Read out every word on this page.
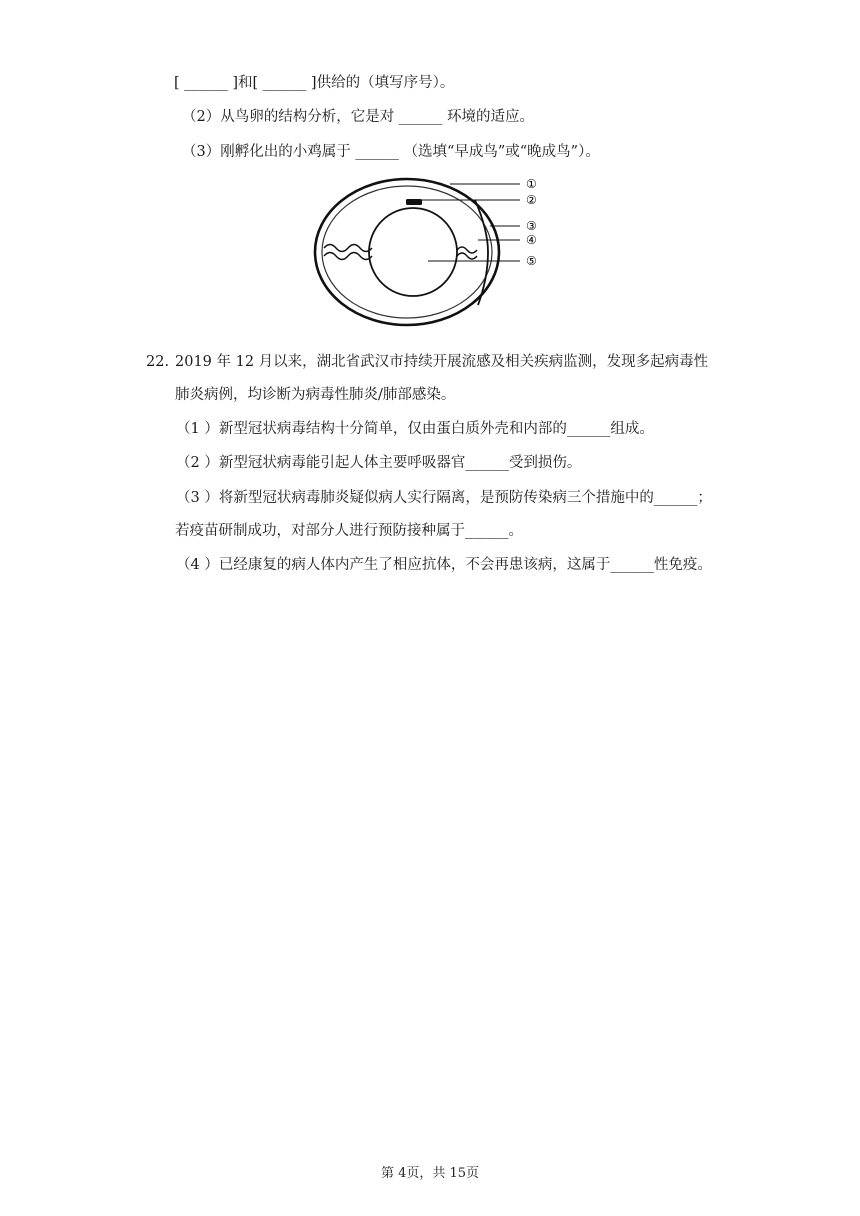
[ ______ ]和[ ______ ]供给的（填写序号）。
（2）从鸟卵的结构分析，它是对 ______ 环境的适应。
（3）刚孵化出的小鸡属于 ______ （选填“早成鸟”或“晚成鸟”）。
①
②
③
④
⑤
22. 2019 年 12 月以来，湖北省武汉市持续开展流感及相关疾病监测，发现多起病毒性
肺炎病例，均诊断为病毒性肺炎/肺部感染。
（1 ）新型冠状病毒结构十分简单，仅由蛋白质外壳和内部的______组成。
（2 ）新型冠状病毒能引起人体主要呼吸器官______受到损伤。
（3 ）将新型冠状病毒肺炎疑似病人实行隔离，是预防传染病三个措施中的______；
若疫苗研制成功，对部分人进行预防接种属于______。
（4 ）已经康复的病人体内产生了相应抗体，不会再患该病，这属于______性免疫。
第 4页，共 15页
